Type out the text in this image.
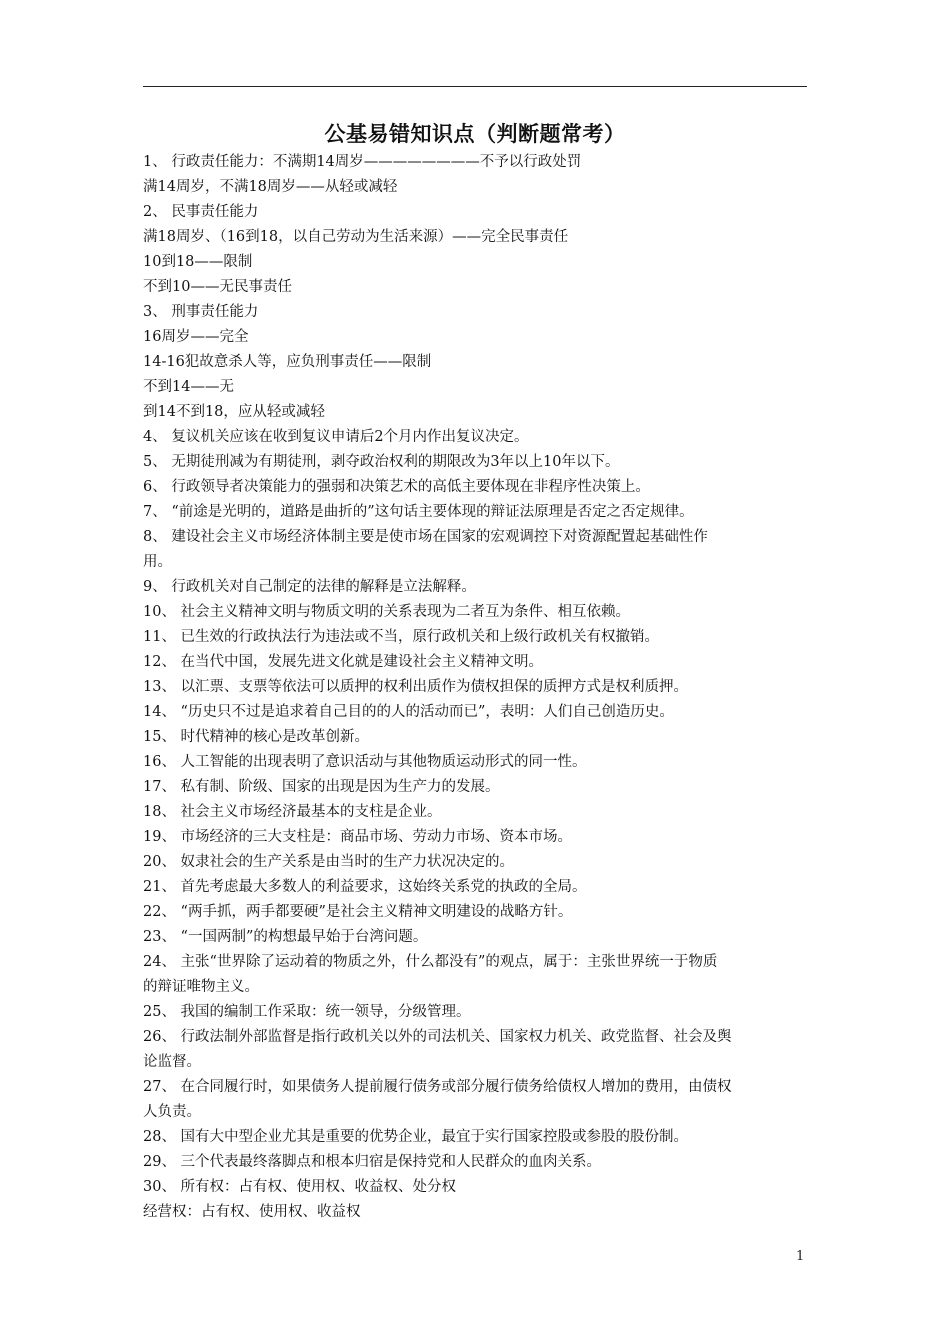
公基易错知识点（判断题常考）
1、 行政责任能力：不满期14周岁————————不予以行政处罚
满14周岁，不满18周岁——从轻或减轻
2、 民事责任能力
满18周岁、（16到18，以自己劳动为生活来源）——完全民事责任
10到18——限制
不到10——无民事责任
3、 刑事责任能力
16周岁——完全
14-16犯故意杀人等，应负刑事责任——限制
不到14——无
到14不到18，应从轻或减轻
4、 复议机关应该在收到复议申请后2个月内作出复议决定。
5、 无期徒刑减为有期徒刑，剥夺政治权利的期限改为3年以上10年以下。
6、 行政领导者决策能力的强弱和决策艺术的高低主要体现在非程序性决策上。
7、 “前途是光明的，道路是曲折的”这句话主要体现的辩证法原理是否定之否定规律。
8、 建设社会主义市场经济体制主要是使市场在国家的宏观调控下对资源配置起基础性作
用。
9、 行政机关对自己制定的法律的解释是立法解释。
10、 社会主义精神文明与物质文明的关系表现为二者互为条件、相互依赖。
11、 已生效的行政执法行为违法或不当，原行政机关和上级行政机关有权撤销。
12、 在当代中国，发展先进文化就是建设社会主义精神文明。
13、 以汇票、支票等依法可以质押的权利出质作为债权担保的质押方式是权利质押。
14、 “历史只不过是追求着自己目的的人的活动而已”，表明：人们自己创造历史。
15、 时代精神的核心是改革创新。
16、 人工智能的出现表明了意识活动与其他物质运动形式的同一性。
17、 私有制、阶级、国家的出现是因为生产力的发展。
18、 社会主义市场经济最基本的支柱是企业。
19、 市场经济的三大支柱是：商品市场、劳动力市场、资本市场。
20、 奴隶社会的生产关系是由当时的生产力状况决定的。
21、 首先考虑最大多数人的利益要求，这始终关系党的执政的全局。
22、 “两手抓，两手都要硬”是社会主义精神文明建设的战略方针。
23、 “一国两制”的构想最早始于台湾问题。
24、 主张“世界除了运动着的物质之外，什么都没有”的观点，属于：主张世界统一于物质
的辩证唯物主义。
25、 我国的编制工作采取：统一领导，分级管理。
26、 行政法制外部监督是指行政机关以外的司法机关、国家权力机关、政党监督、社会及舆
论监督。
27、 在合同履行时，如果债务人提前履行债务或部分履行债务给债权人增加的费用，由债权
人负责。
28、 国有大中型企业尤其是重要的优势企业，最宜于实行国家控股或参股的股份制。
29、 三个代表最终落脚点和根本归宿是保持党和人民群众的血肉关系。
30、 所有权：占有权、使用权、收益权、处分权
经营权：占有权、使用权、收益权
1
